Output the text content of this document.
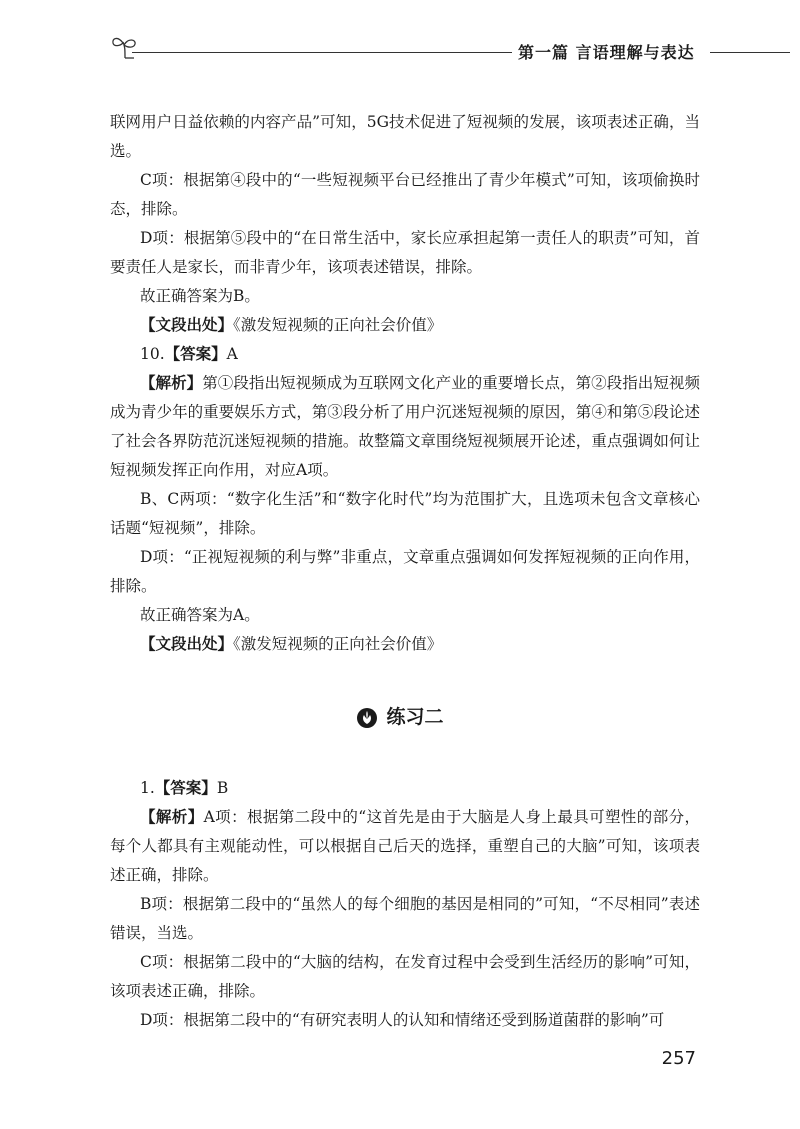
第一篇 言语理解与表达

联网用户日益依赖的内容产品”可知，5G技术促进了短视频的发展，该项表述正确，当选。

C项：根据第④段中的“一些短视频平台已经推出了青少年模式”可知，该项偷换时态，排除。

D项：根据第⑤段中的“在日常生活中，家长应承担起第一责任人的职责”可知，首要责任人是家长，而非青少年，该项表述错误，排除。

故正确答案为B。

【文段出处】《激发短视频的正向社会价值》

10.【答案】A

【解析】第①段指出短视频成为互联网文化产业的重要增长点，第②段指出短视频成为青少年的重要娱乐方式，第③段分析了用户沉迷短视频的原因，第④和第⑤段论述了社会各界防范沉迷短视频的措施。故整篇文章围绕短视频展开论述，重点强调如何让短视频发挥正向作用，对应A项。

B、C两项：“数字化生活”和“数字化时代”均为范围扩大，且选项未包含文章核心话题“短视频”，排除。

D项：“正视短视频的利与弊”非重点，文章重点强调如何发挥短视频的正向作用，排除。

故正确答案为A。

【文段出处】《激发短视频的正向社会价值》

练习二

1.【答案】B

【解析】A项：根据第二段中的“这首先是由于大脑是人身上最具可塑性的部分，每个人都具有主观能动性，可以根据自己后天的选择，重塑自己的大脑”可知，该项表述正确，排除。

B项：根据第二段中的“虽然人的每个细胞的基因是相同的”可知，“不尽相同”表述错误，当选。

C项：根据第二段中的“大脑的结构，在发育过程中会受到生活经历的影响”可知，该项表述正确，排除。

D项：根据第二段中的“有研究表明人的认知和情绪还受到肠道菌群的影响”可

257
